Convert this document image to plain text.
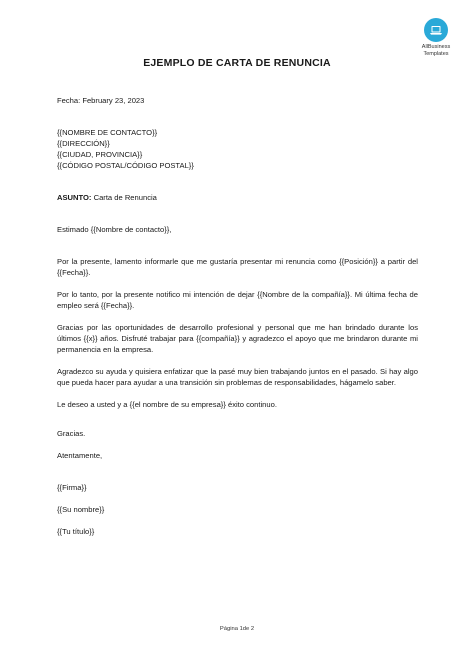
AllBusiness
Templates
EJEMPLO DE CARTA DE RENUNCIA

Fecha: February 23, 2023

{{NOMBRE DE CONTACTO}}

{{DIRECCIÓN}}

{{CIUDAD, PROVINCIA}}

{{CÓDIGO POSTAL/CÓDIGO POSTAL}}

ASUNTO: Carta de Renuncia

Estimado {{Nombre de contacto}},

Por la presente, lamento informarle que me gustaría presentar mi renuncia como {{Posición}} a partir del {{Fecha}}.

Por lo tanto, por la presente notifico mi intención de dejar {{Nombre de la compañía}}. Mi última fecha de empleo será {{Fecha}}.

Gracias por las oportunidades de desarrollo profesional y personal que me han brindado durante los últimos {{x}} años. Disfruté trabajar para {{compañía}} y agradezco el apoyo que me brindaron durante mi permanencia en la empresa.

Agradezco su ayuda y quisiera enfatizar que la pasé muy bien trabajando juntos en el pasado. Si hay algo que pueda hacer para ayudar a una transición sin problemas de responsabilidades, hágamelo saber.

Le deseo a usted y a {{el nombre de su empresa}} éxito continuo.

Gracias.

Atentamente,

{{Firma}}

{{Su nombre}}

{{Tu título}}

Página 1de 2
